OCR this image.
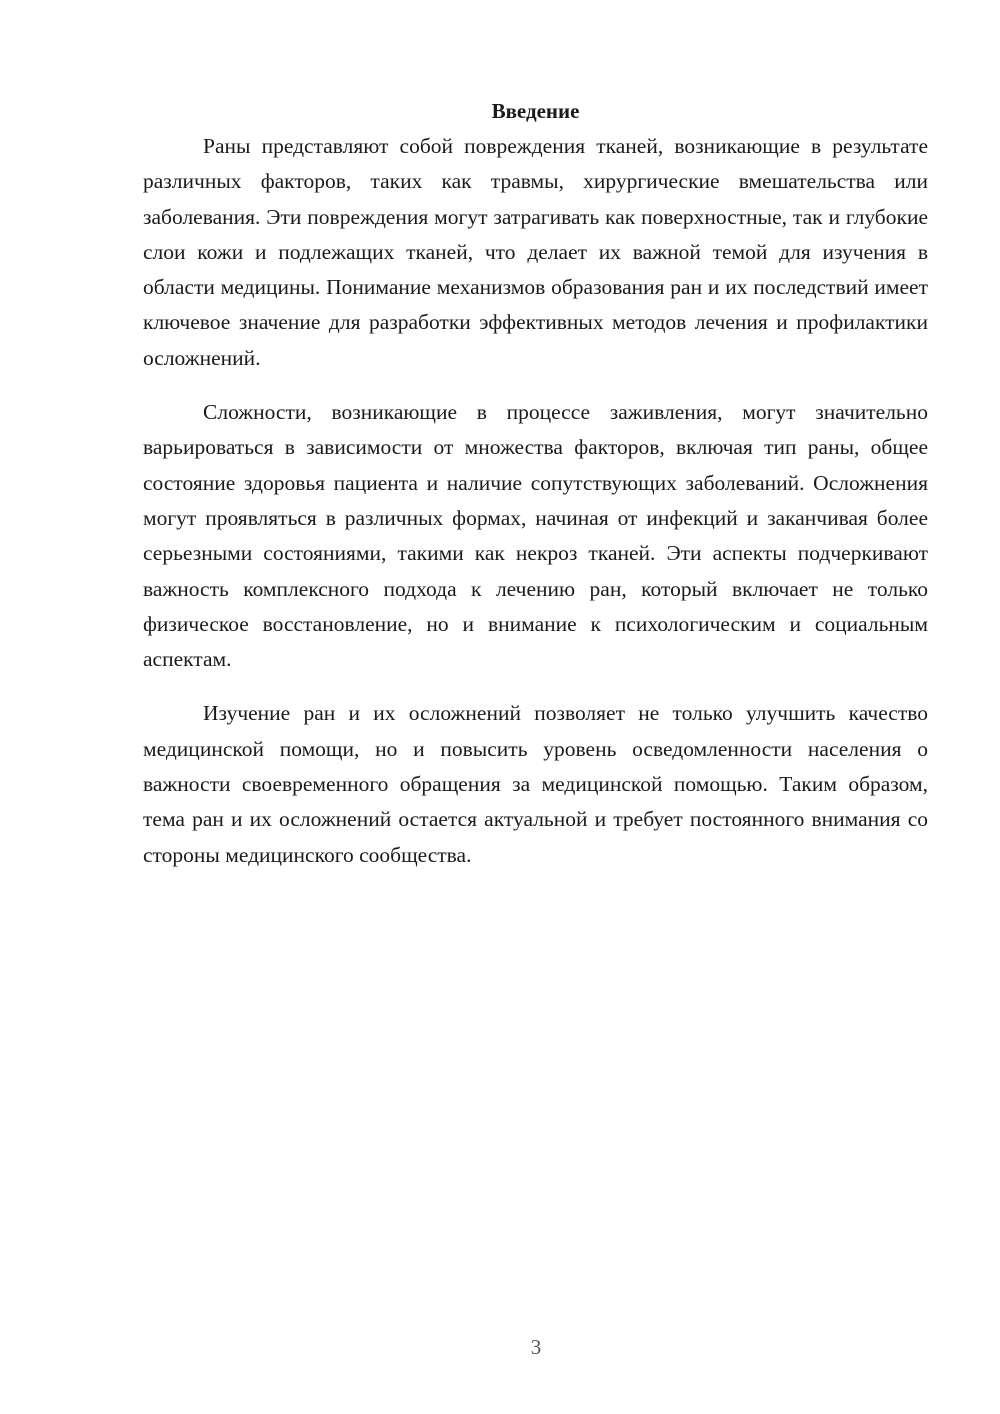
Введение

Раны представляют собой повреждения тканей, возникающие в результате различных факторов, таких как травмы, хирургические вмешательства или заболевания. Эти повреждения могут затрагивать как поверхностные, так и глубокие слои кожи и подлежащих тканей, что делает их важной темой для изучения в области медицины. Понимание механизмов образования ран и их последствий имеет ключевое значение для разработки эффективных методов лечения и профилактики осложнений.

Сложности, возникающие в процессе заживления, могут значительно варьироваться в зависимости от множества факторов, включая тип раны, общее состояние здоровья пациента и наличие сопутствующих заболеваний. Осложнения могут проявляться в различных формах, начиная от инфекций и заканчивая более серьезными состояниями, такими как некроз тканей. Эти аспекты подчеркивают важность комплексного подхода к лечению ран, который включает не только физическое восстановление, но и внимание к психологическим и социальным аспектам.

Изучение ран и их осложнений позволяет не только улучшить качество медицинской помощи, но и повысить уровень осведомленности населения о важности своевременного обращения за медицинской помощью. Таким образом, тема ран и их осложнений остается актуальной и требует постоянного внимания со стороны медицинского сообщества.

3
